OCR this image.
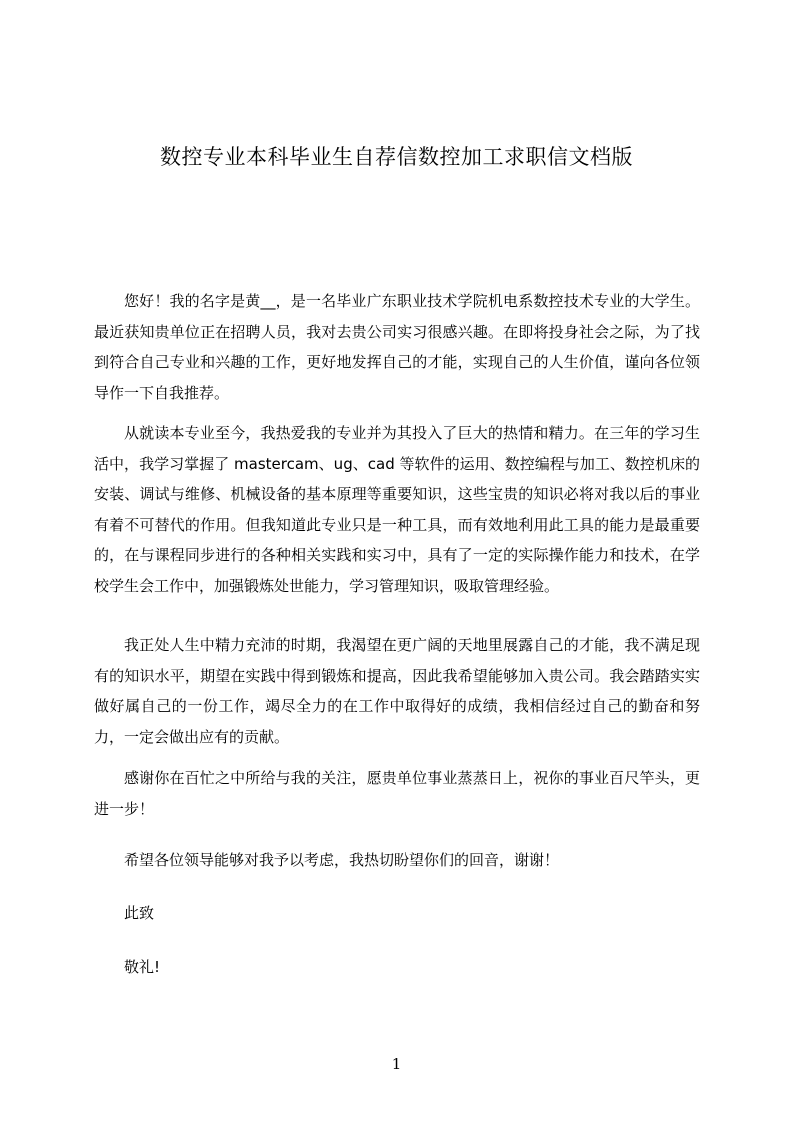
数控专业本科毕业生自荐信数控加工求职信文档版

您好！我的名字是黄__，是一名毕业广东职业技术学院机电系数控技术专业的大学生。最近获知贵单位正在招聘人员，我对去贵公司实习很感兴趣。在即将投身社会之际，为了找到符合自己专业和兴趣的工作，更好地发挥自己的才能，实现自己的人生价值，谨向各位领导作一下自我推荐。

从就读本专业至今，我热爱我的专业并为其投入了巨大的热情和精力。在三年的学习生活中，我学习掌握了 mastercam、ug、cad 等软件的运用、数控编程与加工、数控机床的安装、调试与维修、机械设备的基本原理等重要知识，这些宝贵的知识必将对我以后的事业有着不可替代的作用。但我知道此专业只是一种工具，而有效地利用此工具的能力是最重要的，在与课程同步进行的各种相关实践和实习中，具有了一定的实际操作能力和技术，在学校学生会工作中，加强锻炼处世能力，学习管理知识，吸取管理经验。

我正处人生中精力充沛的时期，我渴望在更广阔的天地里展露自己的才能，我不满足现有的知识水平，期望在实践中得到锻炼和提高，因此我希望能够加入贵公司。我会踏踏实实做好属自己的一份工作，竭尽全力的在工作中取得好的成绩，我相信经过自己的勤奋和努力，一定会做出应有的贡献。

感谢你在百忙之中所给与我的关注，愿贵单位事业蒸蒸日上，祝你的事业百尺竿头，更进一步！

希望各位领导能够对我予以考虑，我热切盼望你们的回音，谢谢！

此致

敬礼!

1
